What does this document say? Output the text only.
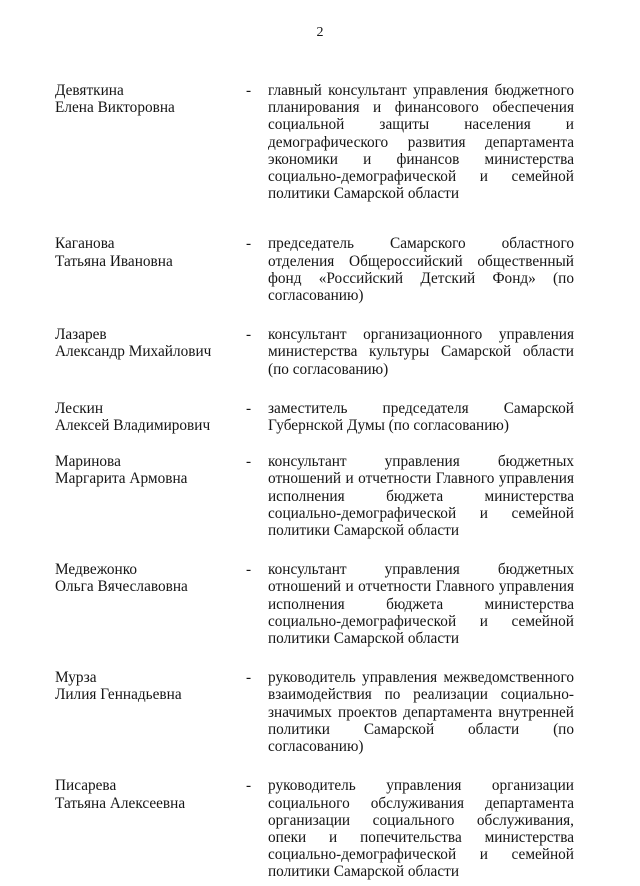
2
Девяткина
Елена Викторовна
- главный консультант управления бюджетного планирования и финансового обеспечения социальной защиты населения и демографического развития департамента экономики и финансов министерства социально-демографической и семейной политики Самарской области
Каганова
Татьяна Ивановна
- председатель Самарского областного отделения Общероссийский общественный фонд «Российский Детский Фонд» (по согласованию)
Лазарев
Александр Михайлович
- консультант организационного управления министерства культуры Самарской области (по согласованию)
Лескин
Алексей Владимирович
- заместитель председателя Самарской Губернской Думы (по согласованию)
Маринова
Маргарита Армовна
- консультант управления бюджетных отношений и отчетности Главного управления исполнения бюджета министерства социально-демографической и семейной политики Самарской области
Медвежонко
Ольга Вячеславовна
- консультант управления бюджетных отношений и отчетности Главного управления исполнения бюджета министерства социально-демографической и семейной политики Самарской области
Мурза
Лилия Геннадьевна
- руководитель управления межведомственного взаимодействия по реализации социально-значимых проектов департамента внутренней политики Самарской области (по согласованию)
Писарева
Татьяна Алексеевна
- руководитель управления организации социального обслуживания департамента организации социального обслуживания, опеки и попечительства министерства социально-демографической и семейной политики Самарской области
